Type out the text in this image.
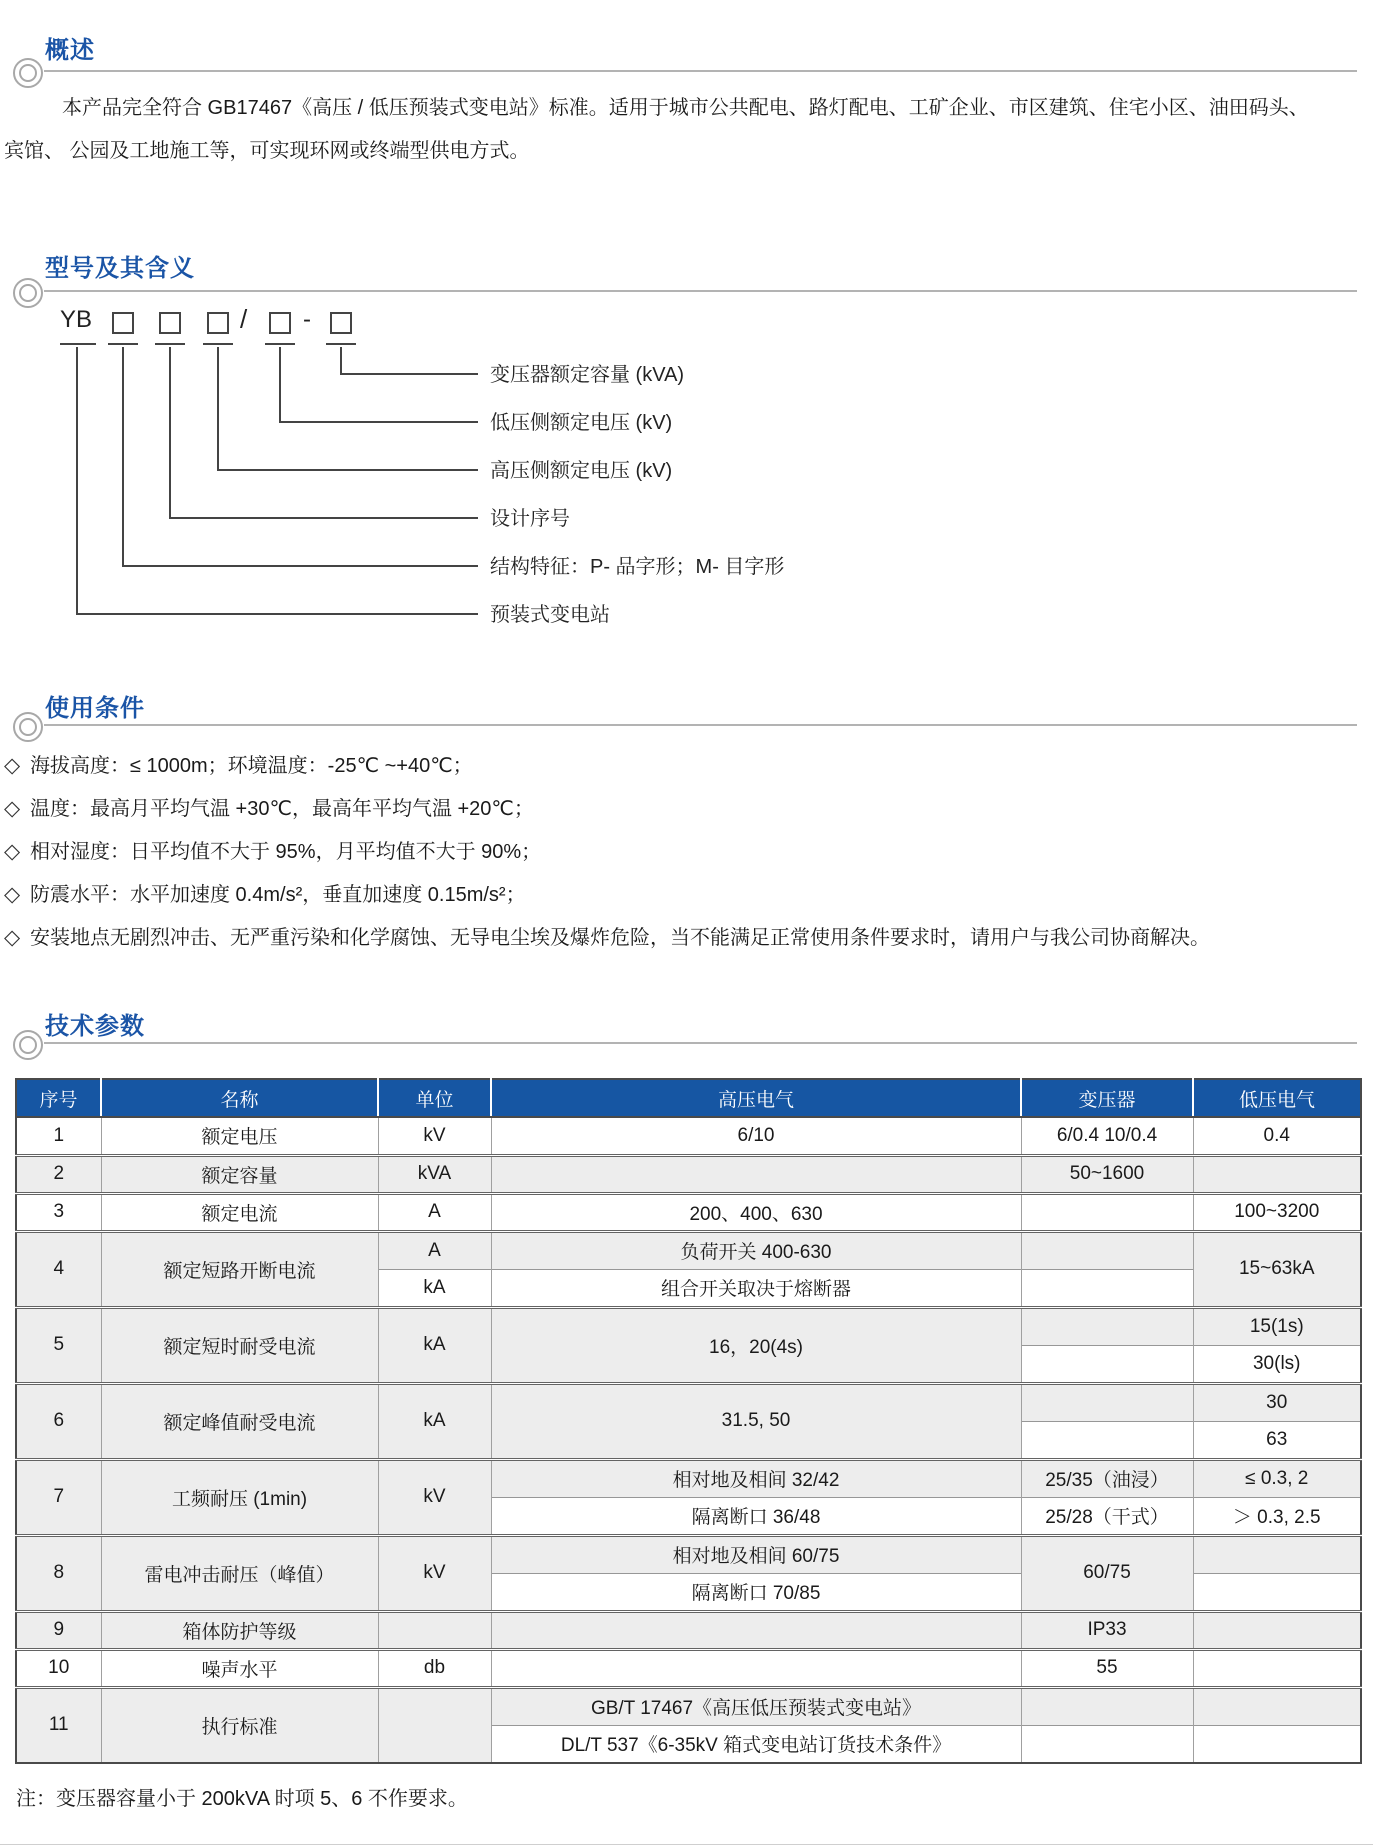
概述
本产品完全符合 GB17467《高压 / 低压预装式变电站》标准。适用于城市公共配电、路灯配电、工矿企业、市区建筑、住宅小区、油田码头、
宾馆、 公园及工地施工等，可实现环网或终端型供电方式。
型号及其含义
YB	/ -
变压器额定容量 (kVA)
低压侧额定电压 (kV)
高压侧额定电压 (kV)
设计序号
结构特征：P- 品字形；M- 目字形
预装式变电站
使用条件
◇ 海拔高度：≤ 1000m；环境温度：-25℃ ~+40℃；
◇ 温度：最高月平均气温 +30℃，最高年平均气温 +20℃；
◇ 相对湿度：日平均值不大于 95%，月平均值不大于 90%；
◇ 防震水平：水平加速度 0.4m/s²，垂直加速度 0.15m/s²；
◇ 安装地点无剧烈冲击、无严重污染和化学腐蚀、无导电尘埃及爆炸危险，当不能满足正常使用条件要求时，请用户与我公司协商解决。
技术参数
序号	名称	单位	高压电气	变压器	低压电气
1	额定电压	kV	6/10	6/0.4 10/0.4	0.4
2	额定容量	kVA		50~1600	
3	额定电流	A	200、400、630		100~3200
4	额定短路开断电流	A	负荷开关 400-630		15~63kA
		kA	组合开关取决于熔断器		
5	额定短时耐受电流	kA	16，20(4s)		15(1s)
					30(ls)
6	额定峰值耐受电流	kA	31.5, 50		30
					63
7	工频耐压 (1min)	kV	相对地及相间 32/42	25/35（油浸）	≤ 0.3, 2
			隔离断口 36/48	25/28（干式）	＞ 0.3, 2.5
8	雷电冲击耐压（峰值）	kV	相对地及相间 60/75	60/75	
			隔离断口 70/85		
9	箱体防护等级			IP33	
10	噪声水平	db		55	
11	执行标准		GB/T 17467《高压低压预装式变电站》		
			DL/T 537《6-35kV 箱式变电站订货技术条件》		
注：变压器容量小于 200kVA 时项 5、6 不作要求。
